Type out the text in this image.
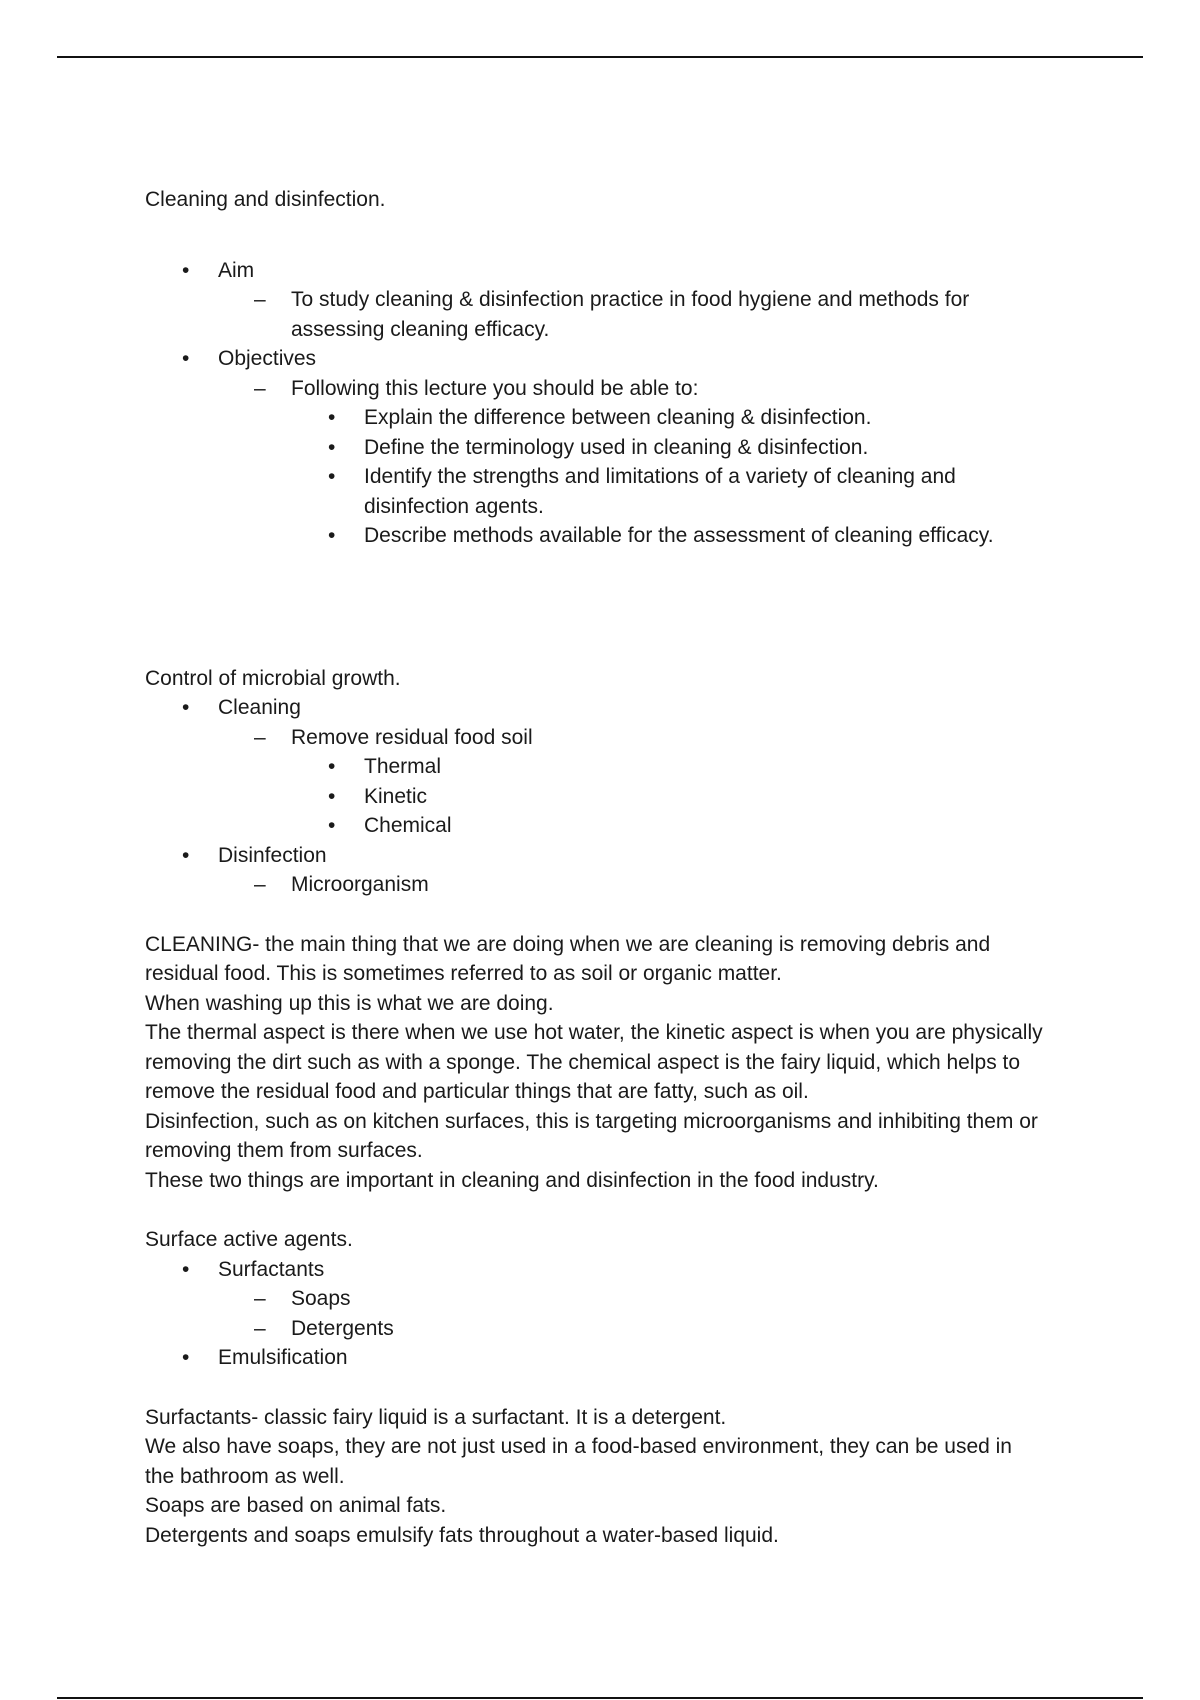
Cleaning and disinfection.

• Aim
– To study cleaning & disinfection practice in food hygiene and methods for assessing cleaning efficacy.
• Objectives
– Following this lecture you should be able to:
• Explain the difference between cleaning & disinfection.
• Define the terminology used in cleaning & disinfection.
• Identify the strengths and limitations of a variety of cleaning and disinfection agents.
• Describe methods available for the assessment of cleaning efficacy.

Control of microbial growth.

• Cleaning
– Remove residual food soil
• Thermal
• Kinetic
• Chemical
• Disinfection
– Microorganism

CLEANING- the main thing that we are doing when we are cleaning is removing debris and residual food. This is sometimes referred to as soil or organic matter.

When washing up this is what we are doing.

The thermal aspect is there when we use hot water, the kinetic aspect is when you are physically removing the dirt such as with a sponge. The chemical aspect is the fairy liquid, which helps to remove the residual food and particular things that are fatty, such as oil.

Disinfection, such as on kitchen surfaces, this is targeting microorganisms and inhibiting them or removing them from surfaces.

These two things are important in cleaning and disinfection in the food industry.

Surface active agents.

• Surfactants
– Soaps
– Detergents
• Emulsification

Surfactants- classic fairy liquid is a surfactant. It is a detergent.

We also have soaps, they are not just used in a food-based environment, they can be used in the bathroom as well.

Soaps are based on animal fats.

Detergents and soaps emulsify fats throughout a water-based liquid.
